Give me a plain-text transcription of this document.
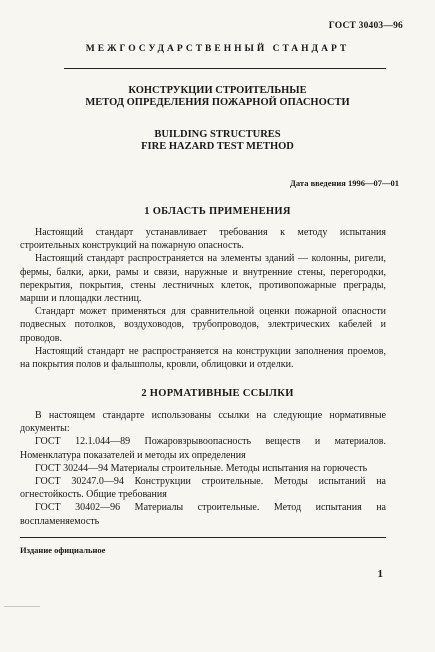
ГОСТ 30403—96
МЕЖГОСУДАРСТВЕННЫЙ СТАНДАРТ
КОНСТРУКЦИИ СТРОИТЕЛЬНЫЕ
МЕТОД ОПРЕДЕЛЕНИЯ ПОЖАРНОЙ ОПАСНОСТИ
BUILDING STRUCTURES
FIRE HAZARD TEST METHOD
Дата введения 1996—07—01
1 ОБЛАСТЬ ПРИМЕНЕНИЯ

Настоящий стандарт устанавливает требования к методу испытания строительных конструкций на пожарную опасность.

Настоящий стандарт распространяется на элементы зданий — колонны, ригели, фермы, балки, арки, рамы и связи, наружные и внутренние стены, перегородки, перекрытия, покрытия, стены лестничных клеток, противопожарные преграды, марши и площадки лестниц.

Стандарт может применяться для сравнительной оценки пожарной опасности подвесных потолков, воздуховодов, трубопроводов, электрических кабелей и проводов.

Настоящий стандарт не распространяется на конструкции заполнения проемов, на покрытия полов и фальшполы, кровли, облицовки и отделки.

2 НОРМАТИВНЫЕ ССЫЛКИ

В настоящем стандарте использованы ссылки на следующие нормативные документы:

ГОСТ 12.1.044—89 Пожаровзрывоопасность веществ и материалов. Номенклатура показателей и методы их определения

ГОСТ 30244—94 Материалы строительные. Методы испытания на горючесть

ГОСТ 30247.0—94 Конструкции строительные. Методы испытаний на огнестойкость. Общие требования

ГОСТ 30402—96 Материалы строительные. Метод испытания на воспламеняемость

Издание официальное
1
